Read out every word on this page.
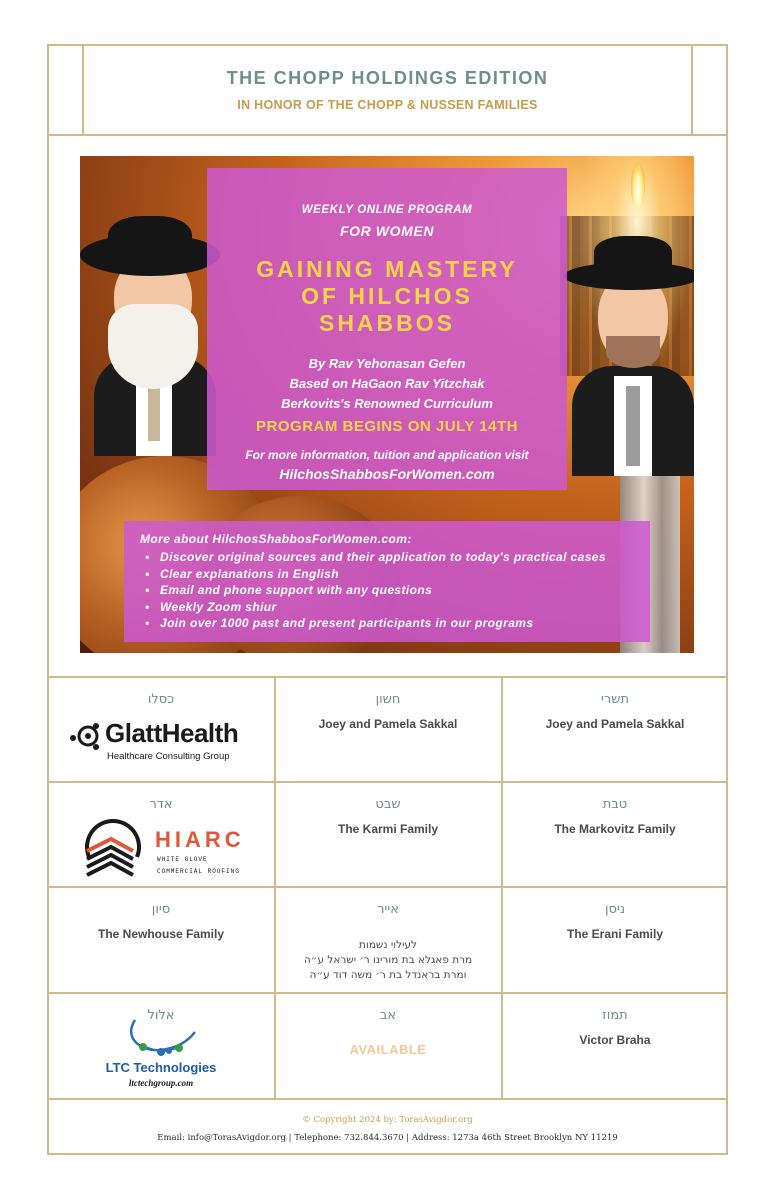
THE CHOPP HOLDINGS EDITION
IN HONOR OF THE CHOPP & NUSSEN FAMILIES
WEEKLY ONLINE PROGRAM
FOR WOMEN
GAINING MASTERY
OF HILCHOS
SHABBOS
By Rav Yehonasan Gefen
Based on HaGaon Rav Yitzchak
Berkovits's Renowned Curriculum
PROGRAM BEGINS ON JULY 14TH
For more information, tuition and application visit
HilchosShabbosForWomen.com
More about HilchosShabbosForWomen.com:
• Discover original sources and their application to today's practical cases
• Clear explanations in English
• Email and phone support with any questions
• Weekly Zoom shiur
• Join over 1000 past and present participants in our programs
כסלו
GlattHealth
Healthcare Consulting Group
חשון
Joey and Pamela Sakkal
תשרי
Joey and Pamela Sakkal
אדר
HIARC
WHITE GLOVE
COMMERCIAL ROOFING
שבט
The Karmi Family
טבת
The Markovitz Family
סיון
The Newhouse Family
אייר
לעילוי נשמות
מרת פאגלא בת מורינו ר׳ ישראל ע״ה
ומרת בראנדל בת ר׳ משה דוד ע״ה
ניסן
The Erani Family
אלול
LTC Technologies
ltctechgroup.com
אב
AVAILABLE
תמוז
Victor Braha
© Copyright 2024 by: TorasAvigdor.org
Email: info@TorasAvigdor.org | Telephone: 732.844.3670 | Address: 1273a 46th Street Brooklyn NY 11219
